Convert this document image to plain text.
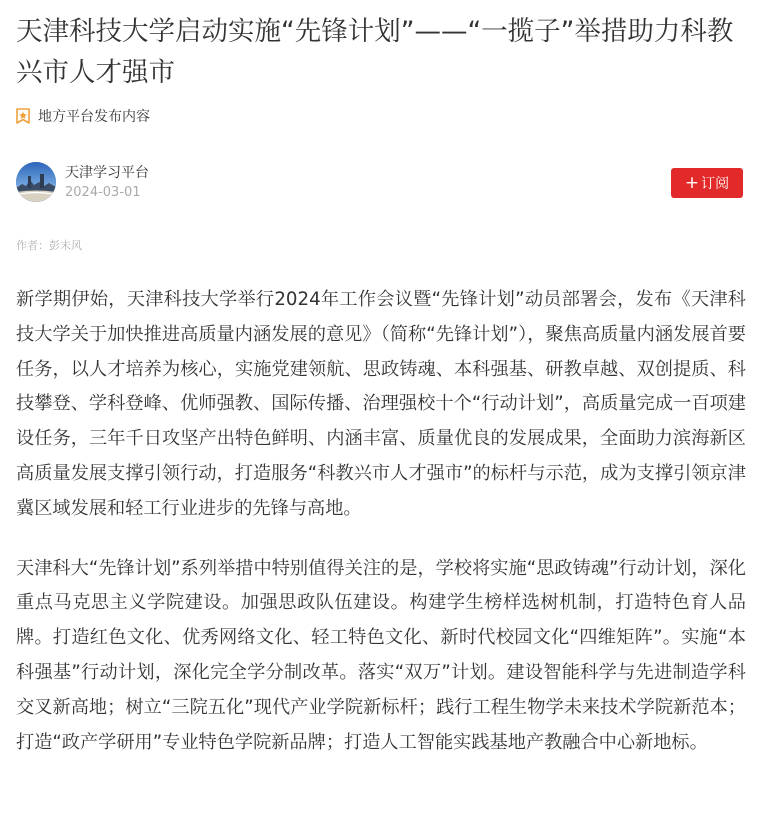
天津科技大学启动实施“先锋计划”——“一揽子”举措助力科教兴市人才强市
地方平台发布内容
天津学习平台
2024-03-01	+ 订阅
作者：彭未风

新学期伊始，天津科技大学举行2024年工作会议暨“先锋计划”动员部署会，发布《天津科技大学关于加快推进高质量内涵发展的意见》（简称“先锋计划”），聚焦高质量内涵发展首要任务，以人才培养为核心，实施党建领航、思政铸魂、本科强基、研教卓越、双创提质、科技攀登、学科登峰、优师强教、国际传播、治理强校十个“行动计划”，高质量完成一百项建设任务，三年千日攻坚产出特色鲜明、内涵丰富、质量优良的发展成果，全面助力滨海新区高质量发展支撑引领行动，打造服务“科教兴市人才强市”的标杆与示范，成为支撑引领京津冀区域发展和轻工行业进步的先锋与高地。

天津科大“先锋计划”系列举措中特别值得关注的是，学校将实施“思政铸魂”行动计划，深化重点马克思主义学院建设。加强思政队伍建设。构建学生榜样选树机制，打造特色育人品牌。打造红色文化、优秀网络文化、轻工特色文化、新时代校园文化“四维矩阵”。实施“本科强基”行动计划，深化完全学分制改革。落实“双万”计划。建设智能科学与先进制造学科交叉新高地；树立“三院五化”现代产业学院新标杆；践行工程生物学未来技术学院新范本；打造“政产学研用”专业特色学院新品牌；打造人工智能实践基地产教融合中心新地标。
